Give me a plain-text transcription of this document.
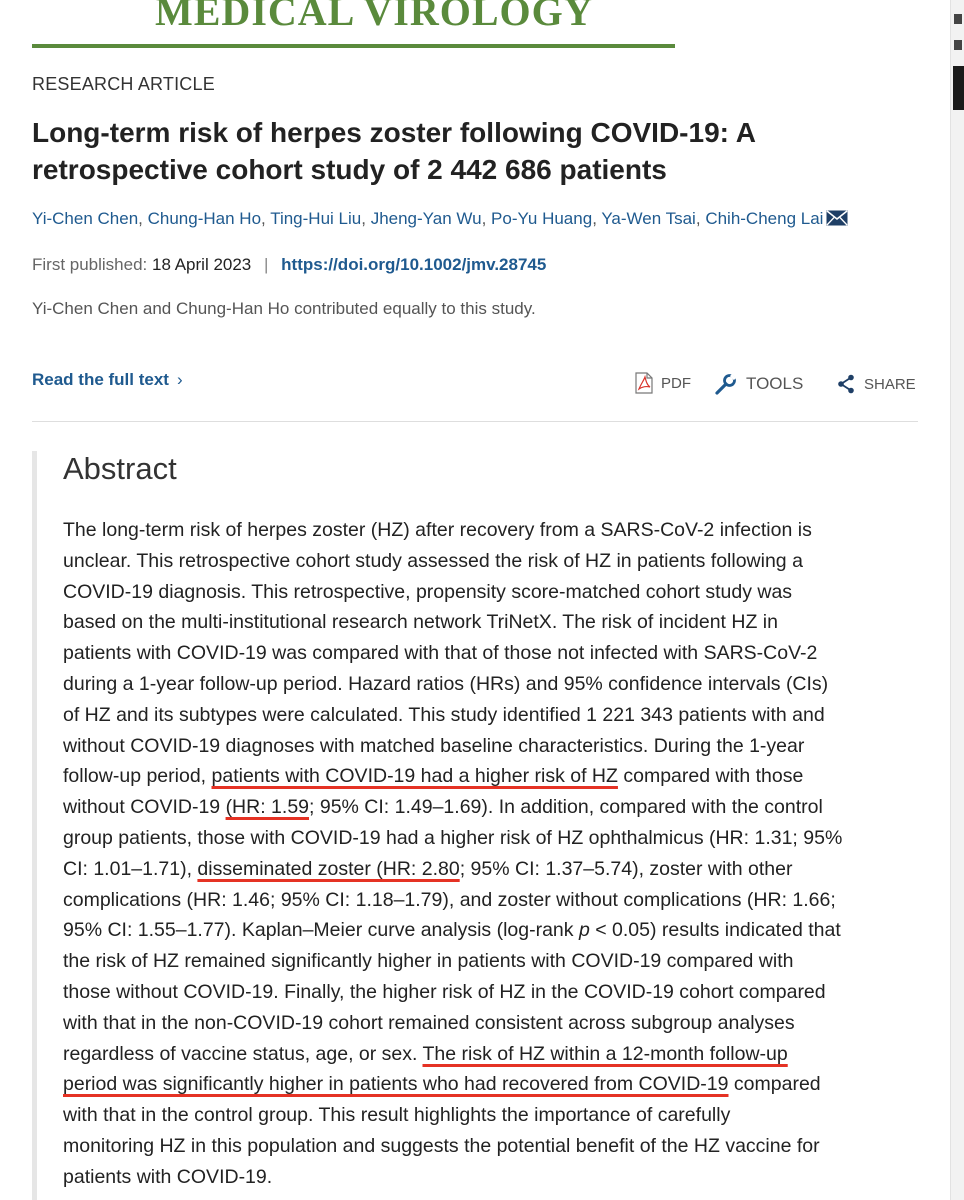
MEDICAL VIROLOGY
RESEARCH ARTICLE
Long-term risk of herpes zoster following COVID-19: A
retrospective cohort study of 2 442 686 patients
Yi-Chen Chen, Chung-Han Ho, Ting-Hui Liu, Jheng-Yan Wu, Po-Yu Huang, Ya-Wen Tsai, Chih-Cheng Lai
First published: 18 April 2023 | https://doi.org/10.1002/jmv.28745
Yi-Chen Chen and Chung-Han Ho contributed equally to this study.
Read the full text ›	PDF	TOOLS	SHARE
Abstract

The long-term risk of herpes zoster (HZ) after recovery from a SARS-CoV-2 infection is
unclear. This retrospective cohort study assessed the risk of HZ in patients following a
COVID-19 diagnosis. This retrospective, propensity score-matched cohort study was
based on the multi-institutional research network TriNetX. The risk of incident HZ in
patients with COVID-19 was compared with that of those not infected with SARS-CoV-2
during a 1-year follow-up period. Hazard ratios (HRs) and 95% confidence intervals (CIs)
of HZ and its subtypes were calculated. This study identified 1 221 343 patients with and
without COVID-19 diagnoses with matched baseline characteristics. During the 1-year
follow-up period, patients with COVID-19 had a higher risk of HZ compared with those
without COVID-19 (HR: 1.59; 95% CI: 1.49–1.69). In addition, compared with the control
group patients, those with COVID-19 had a higher risk of HZ ophthalmicus (HR: 1.31; 95%
CI: 1.01–1.71), disseminated zoster (HR: 2.80; 95% CI: 1.37–5.74), zoster with other
complications (HR: 1.46; 95% CI: 1.18–1.79), and zoster without complications (HR: 1.66;
95% CI: 1.55–1.77). Kaplan–Meier curve analysis (log-rank p < 0.05) results indicated that
the risk of HZ remained significantly higher in patients with COVID-19 compared with
those without COVID-19. Finally, the higher risk of HZ in the COVID-19 cohort compared
with that in the non-COVID-19 cohort remained consistent across subgroup analyses
regardless of vaccine status, age, or sex. The risk of HZ within a 12-month follow-up
period was significantly higher in patients who had recovered from COVID-19 compared
with that in the control group. This result highlights the importance of carefully
monitoring HZ in this population and suggests the potential benefit of the HZ vaccine for
patients with COVID-19.
